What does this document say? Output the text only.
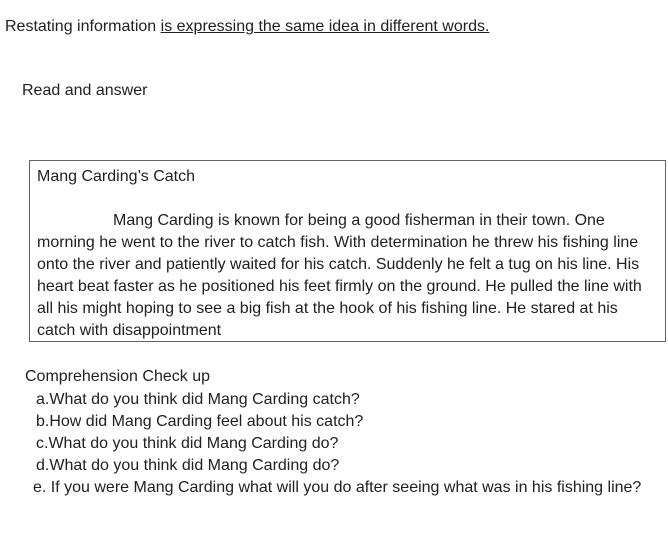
Restating information is expressing the same idea in different words.
Read and answer
Mang Carding’s Catch
Mang Carding is known for being a good fisherman in their town. One morning he went to the river to catch fish. With determination he threw his fishing line onto the river and patiently waited for his catch. Suddenly he felt a tug on his line. His heart beat faster as he positioned his feet firmly on the ground. He pulled the line with all his might hoping to see a big fish at the hook of his fishing line. He stared at his catch with disappointment
Comprehension Check up
a.What do you think did Mang Carding catch?
b.How did Mang Carding feel about his catch?
c.What do you think did Mang Carding do?
d.What do you think did Mang Carding do?
e. If you were Mang Carding what will you do after seeing what was in his fishing line?
